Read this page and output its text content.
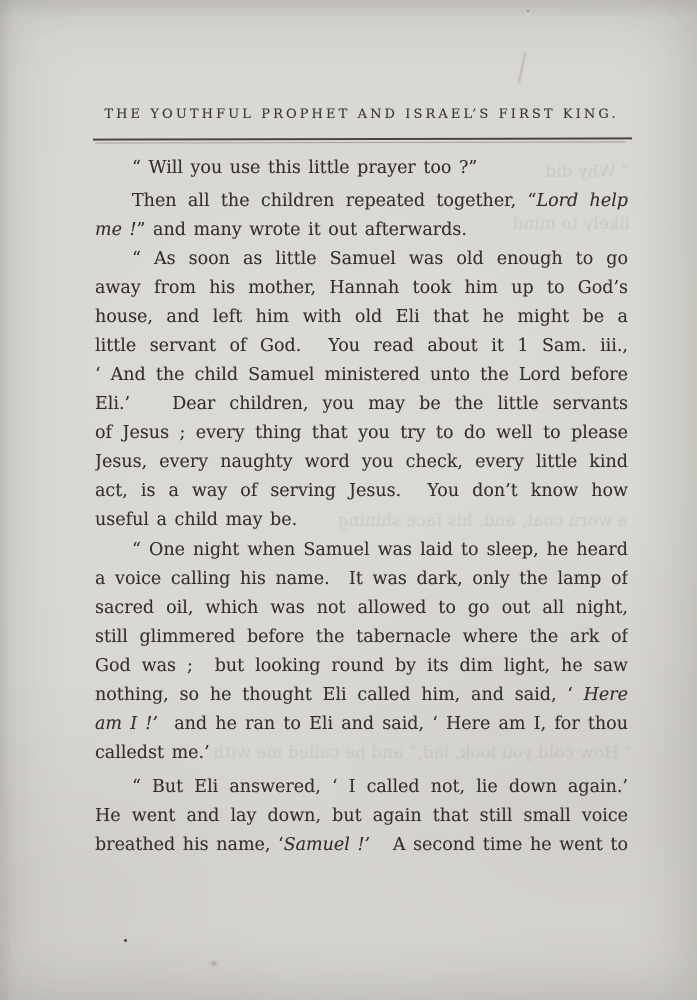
THE YOUTHFUL PROPHET AND ISRAEL’S FIRST KING.
“ Will you use this little prayer too ?”
Then all the children repeated together, “Lord help
me !” and many wrote it out afterwards.
“ As soon as little Samuel was old enough to go
away from his mother, Hannah took him up to God’s
house, and left him with old Eli that he might be a
little servant of God.  You read about it 1 Sam. iii.,
‘ And the child Samuel ministered unto the Lord before
Eli.’   Dear children, you may be the little servants
of Jesus ; every thing that you try to do well to please
Jesus, every naughty word you check, every little kind
act, is a way of serving Jesus.  You don’t know how
useful a child may be.
“ One night when Samuel was laid to sleep, he heard
a voice calling his name.  It was dark, only the lamp of
sacred oil, which was not allowed to go out all night,
still glimmered before the tabernacle where the ark of
God was ;  but looking round by its dim light, he saw
nothing, so he thought Eli called him, and said, ‘ Here
am I !’  and he ran to Eli and said, ‘ Here am I, for thou
calledst me.’
“ But Eli answered, ‘ I called not, lie down again.’
He went and lay down, but again that still small voice
breathed his name, ‘Samuel !’   A second time he went to
“ Why did
likely to mind
a worn coat, and, his face shining
“ How cold you look, lad,” and he called me with
